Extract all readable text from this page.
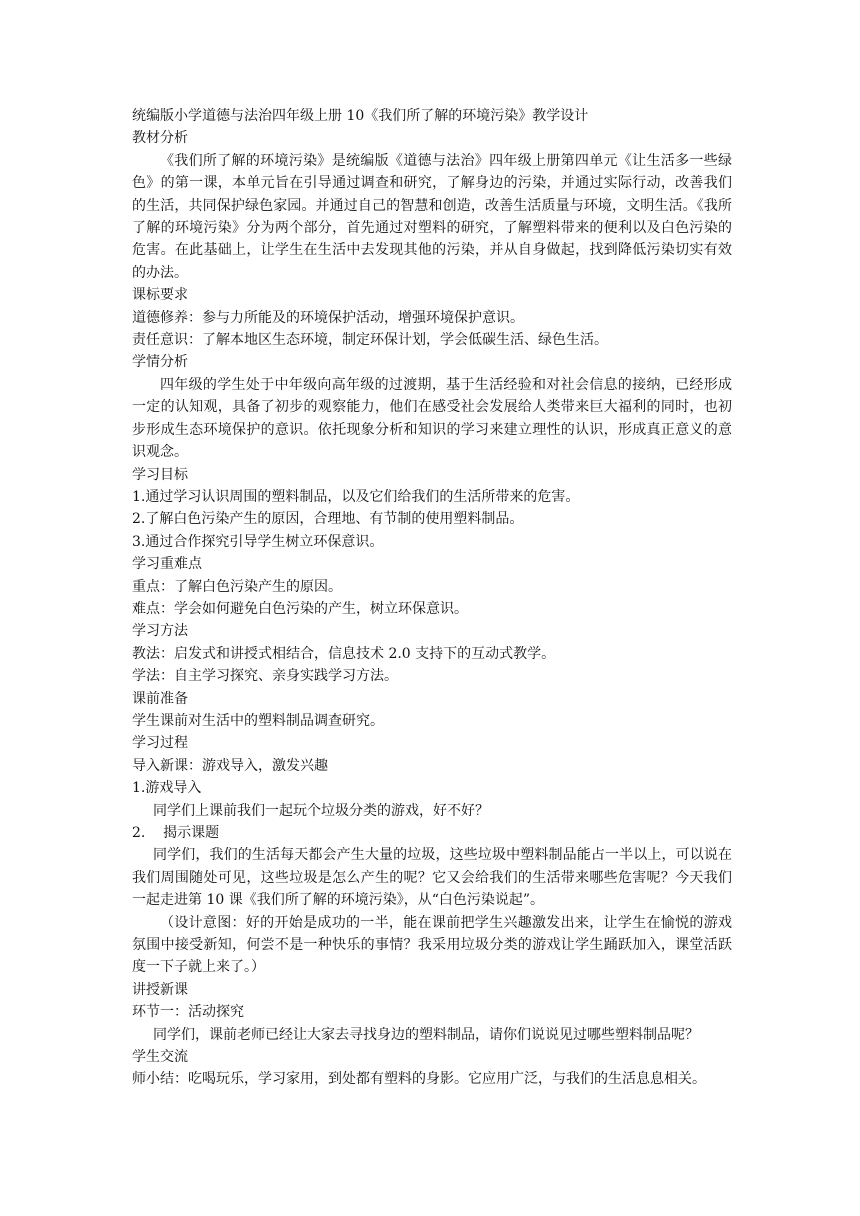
统编版小学道德与法治四年级上册 10《我们所了解的环境污染》教学设计
教材分析
《我们所了解的环境污染》是统编版《道德与法治》四年级上册第四单元《让生活多一些绿色》的第一课，本单元旨在引导通过调查和研究，了解身边的污染，并通过实际行动，改善我们的生活，共同保护绿色家园。并通过自己的智慧和创造，改善生活质量与环境，文明生活。《我所了解的环境污染》分为两个部分，首先通过对塑料的研究，了解塑料带来的便利以及白色污染的危害。在此基础上，让学生在生活中去发现其他的污染，并从自身做起，找到降低污染切实有效的办法。
课标要求
道德修养：参与力所能及的环境保护活动，增强环境保护意识。
责任意识：了解本地区生态环境，制定环保计划，学会低碳生活、绿色生活。
学情分析
四年级的学生处于中年级向高年级的过渡期，基于生活经验和对社会信息的接纳，已经形成一定的认知观，具备了初步的观察能力，他们在感受社会发展给人类带来巨大福利的同时，也初步形成生态环境保护的意识。依托现象分析和知识的学习来建立理性的认识，形成真正意义的意识观念。
学习目标
1.通过学习认识周围的塑料制品，以及它们给我们的生活所带来的危害。
2.了解白色污染产生的原因，合理地、有节制的使用塑料制品。
3.通过合作探究引导学生树立环保意识。
学习重难点
重点：了解白色污染产生的原因。
难点：学会如何避免白色污染的产生，树立环保意识。
学习方法
教法：启发式和讲授式相结合，信息技术 2.0 支持下的互动式教学。
学法：自主学习探究、亲身实践学习方法。
课前准备
学生课前对生活中的塑料制品调查研究。
学习过程
导入新课：游戏导入，激发兴趣
1.游戏导入
同学们上课前我们一起玩个垃圾分类的游戏，好不好？
2.    揭示课题
同学们，我们的生活每天都会产生大量的垃圾，这些垃圾中塑料制品能占一半以上，可以说在我们周围随处可见，这些垃圾是怎么产生的呢？它又会给我们的生活带来哪些危害呢？今天我们一起走进第 10 课《我们所了解的环境污染》，从“白色污染说起”。
（设计意图：好的开始是成功的一半，能在课前把学生兴趣激发出来，让学生在愉悦的游戏氛围中接受新知，何尝不是一种快乐的事情？我采用垃圾分类的游戏让学生踊跃加入，课堂活跃度一下子就上来了。）
讲授新课
环节一：活动探究
同学们，课前老师已经让大家去寻找身边的塑料制品，请你们说说见过哪些塑料制品呢？
学生交流
师小结：吃喝玩乐，学习家用，到处都有塑料的身影。它应用广泛，与我们的生活息息相关。
